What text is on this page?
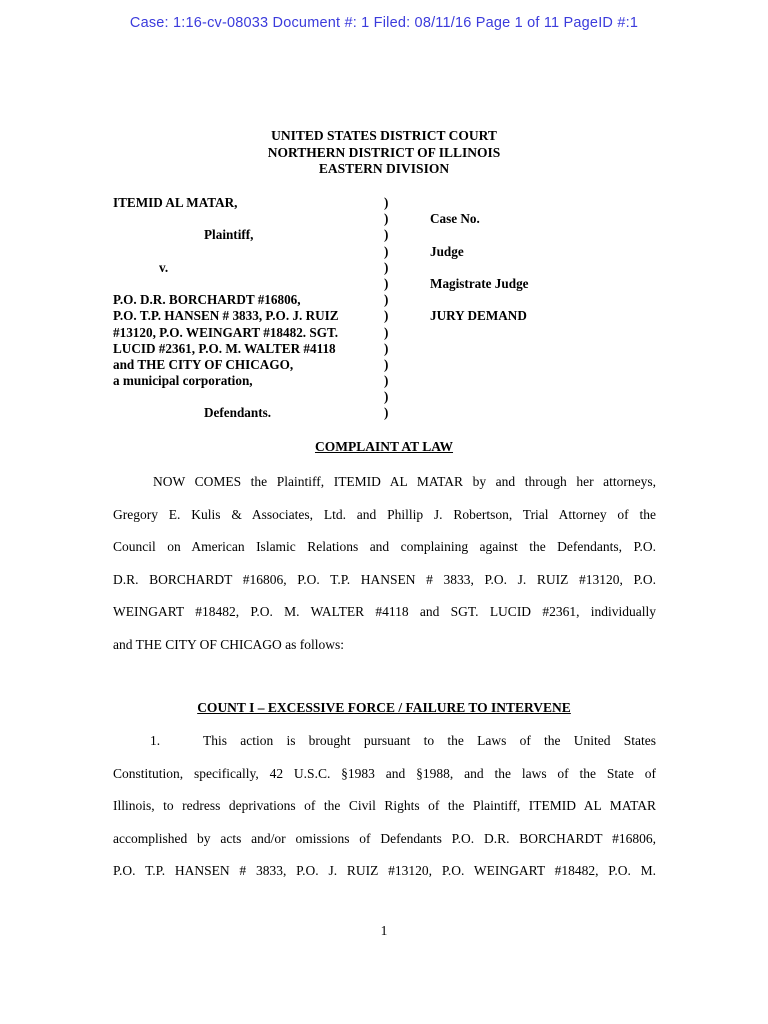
Case: 1:16-cv-08033 Document #: 1 Filed: 08/11/16 Page 1 of 11 PageID #:1
UNITED STATES DISTRICT COURT
NORTHERN DISTRICT OF ILLINOIS
EASTERN DIVISION
ITEMID AL MATAR,
Plaintiff,
v.
P.O. D.R. BORCHARDT #16806,
P.O. T.P. HANSEN # 3833, P.O. J. RUIZ
#13120, P.O. WEINGART #18482. SGT.
LUCID #2361, P.O. M. WALTER #4118
and THE CITY OF CHICAGO,
a municipal corporation,
Defendants.
)
)
)
)
)
)
)
)
)
)
)
)
)
)
Case No.
Judge
Magistrate Judge
JURY DEMAND
COMPLAINT AT LAW
NOW COMES the Plaintiff, ITEMID AL MATAR by and through her attorneys,
Gregory E. Kulis & Associates, Ltd. and Phillip J. Robertson, Trial Attorney of the
Council on American Islamic Relations and complaining against the Defendants, P.O.
D.R. BORCHARDT #16806, P.O. T.P. HANSEN # 3833, P.O. J. RUIZ #13120, P.O.
WEINGART #18482, P.O. M. WALTER #4118 and SGT. LUCID #2361, individually
and THE CITY OF CHICAGO as follows:
COUNT I – EXCESSIVE FORCE / FAILURE TO INTERVENE
1.	This action is brought pursuant to the Laws of the United States
Constitution, specifically, 42 U.S.C. §1983 and §1988, and the laws of the State of
Illinois, to redress deprivations of the Civil Rights of the Plaintiff, ITEMID AL MATAR
accomplished by acts and/or omissions of Defendants P.O. D.R. BORCHARDT #16806,
P.O. T.P. HANSEN # 3833, P.O. J. RUIZ #13120, P.O. WEINGART #18482, P.O. M.
1
